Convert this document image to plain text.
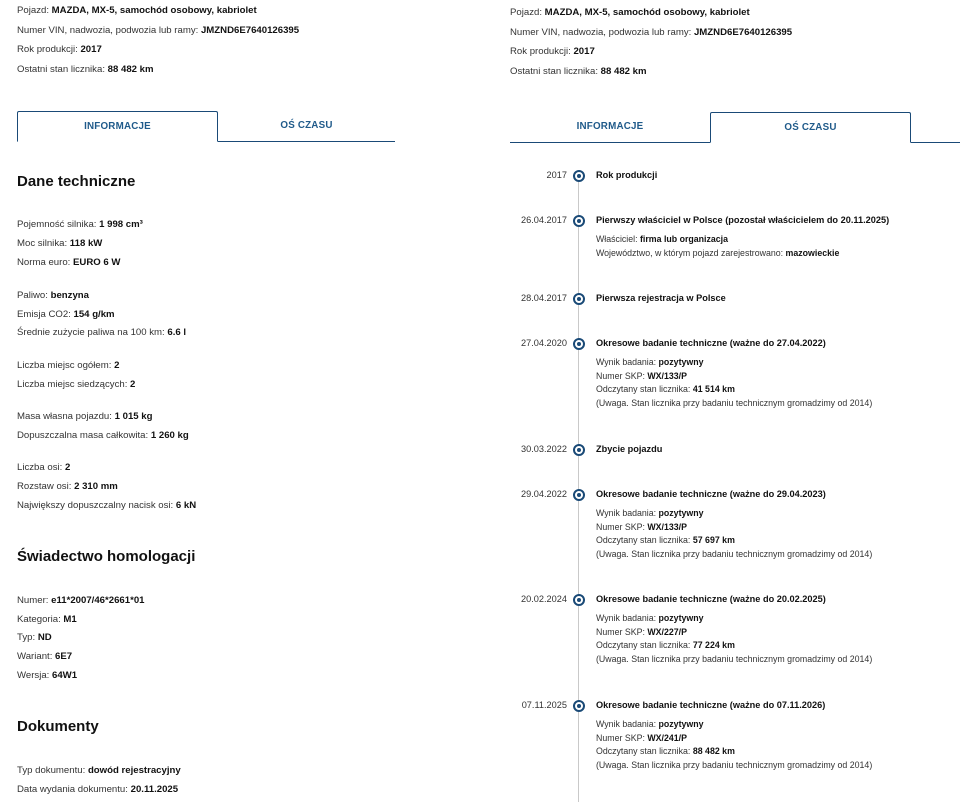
Pojazd: MAZDA, MX-5, samochód osobowy, kabriolet
Numer VIN, nadwozia, podwozia lub ramy: JMZND6E7640126395
Rok produkcji: 2017
Ostatni stan licznika: 88 482 km
INFORMACJE	OŚ CZASU
Dane techniczne
Pojemność silnika: 1 998 cm³
Moc silnika: 118 kW
Norma euro: EURO 6 W
Paliwo: benzyna
Emisja CO2: 154 g/km
Średnie zużycie paliwa na 100 km: 6.6 l
Liczba miejsc ogółem: 2
Liczba miejsc siedzących: 2
Masa własna pojazdu: 1 015 kg
Dopuszczalna masa całkowita: 1 260 kg
Liczba osi: 2
Rozstaw osi: 2 310 mm
Największy dopuszczalny nacisk osi: 6 kN
Świadectwo homologacji
Numer: e11*2007/46*2661*01
Kategoria: M1
Typ: ND
Wariant: 6E7
Wersja: 64W1
Dokumenty
Typ dokumentu: dowód rejestracyjny
Data wydania dokumentu: 20.11.2025
Pojazd: MAZDA, MX-5, samochód osobowy, kabriolet
Numer VIN, nadwozia, podwozia lub ramy: JMZND6E7640126395
Rok produkcji: 2017
Ostatni stan licznika: 88 482 km
INFORMACJE	OŚ CZASU
2017	Rok produkcji
26.04.2017	Pierwszy właściciel w Polsce (pozostał właścicielem do 20.11.2025)
Właściciel: firma lub organizacja
Województwo, w którym pojazd zarejestrowano: mazowieckie
28.04.2017	Pierwsza rejestracja w Polsce
27.04.2020	Okresowe badanie techniczne (ważne do 27.04.2022)
Wynik badania: pozytywny
Numer SKP: WX/133/P
Odczytany stan licznika: 41 514 km
(Uwaga. Stan licznika przy badaniu technicznym gromadzimy od 2014)
30.03.2022	Zbycie pojazdu
29.04.2022	Okresowe badanie techniczne (ważne do 29.04.2023)
Wynik badania: pozytywny
Numer SKP: WX/133/P
Odczytany stan licznika: 57 697 km
(Uwaga. Stan licznika przy badaniu technicznym gromadzimy od 2014)
20.02.2024	Okresowe badanie techniczne (ważne do 20.02.2025)
Wynik badania: pozytywny
Numer SKP: WX/227/P
Odczytany stan licznika: 77 224 km
(Uwaga. Stan licznika przy badaniu technicznym gromadzimy od 2014)
07.11.2025	Okresowe badanie techniczne (ważne do 07.11.2026)
Wynik badania: pozytywny
Numer SKP: WX/241/P
Odczytany stan licznika: 88 482 km
(Uwaga. Stan licznika przy badaniu technicznym gromadzimy od 2014)
